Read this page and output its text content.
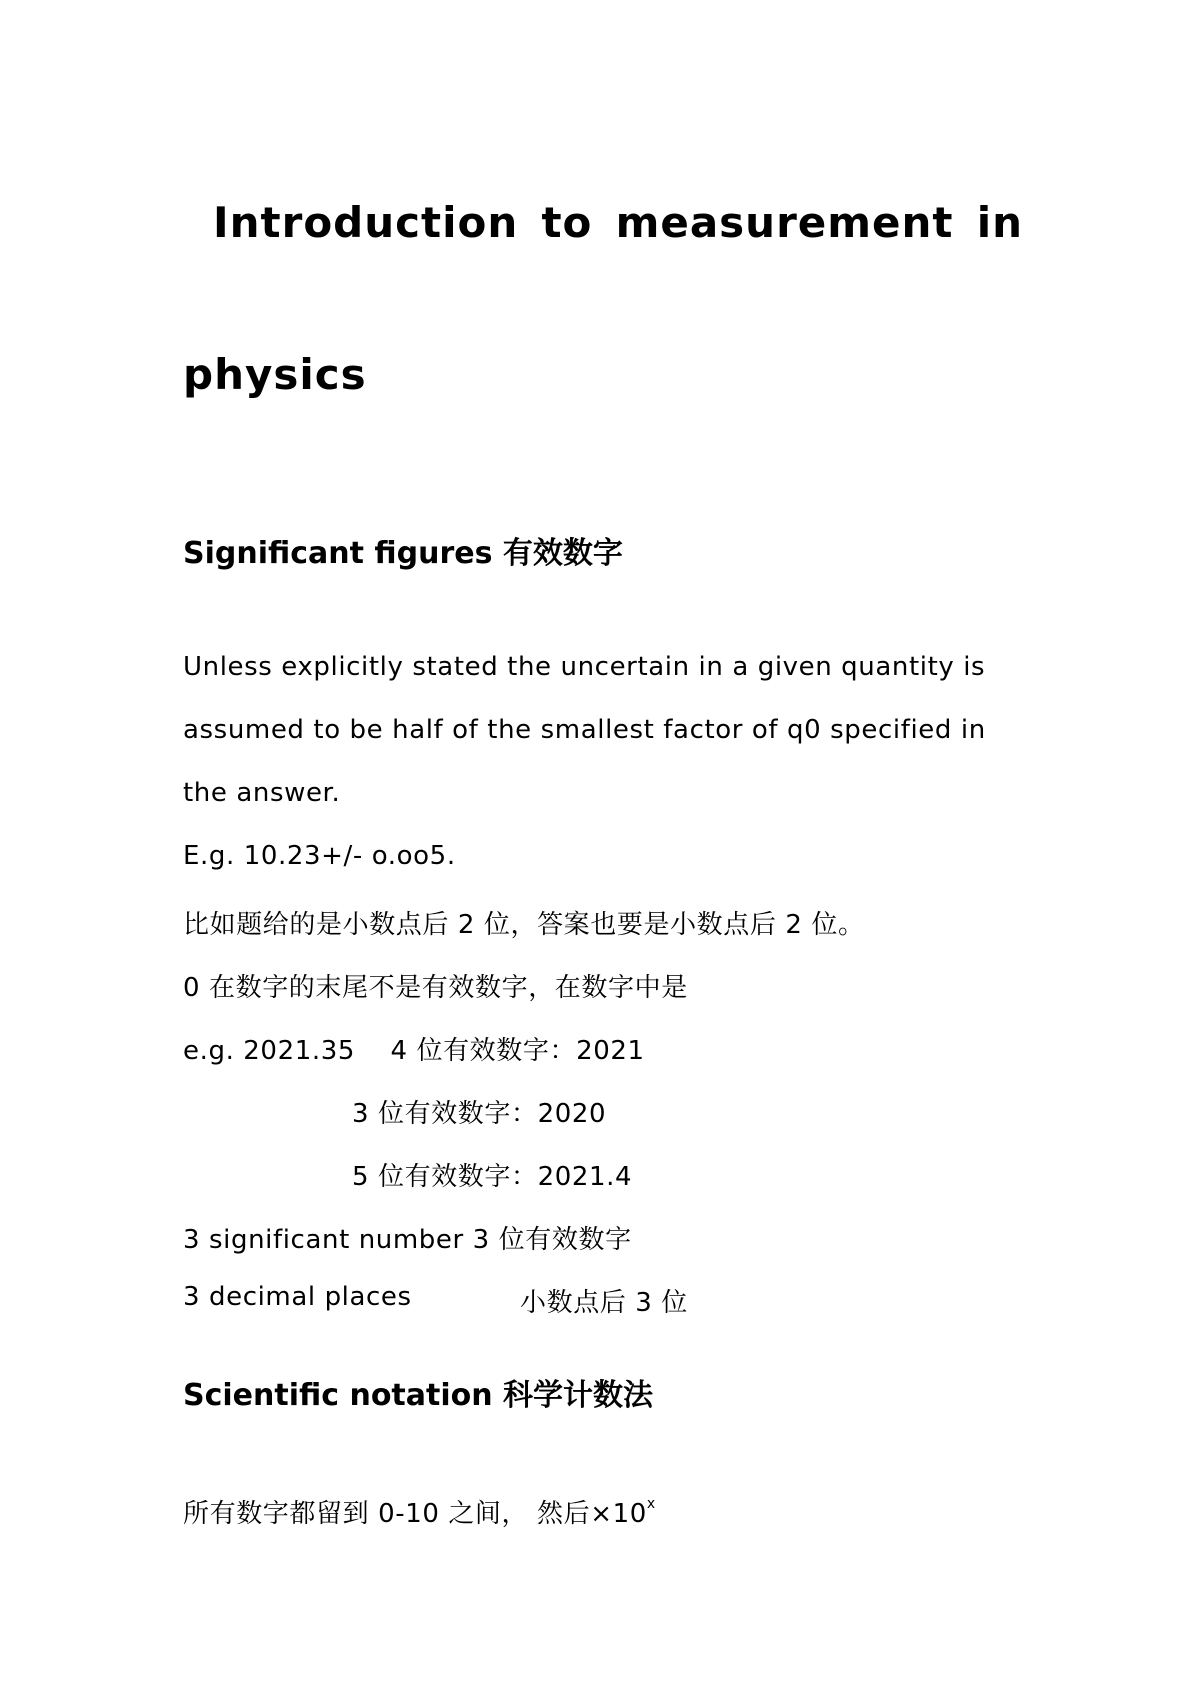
Introduction to measurement in
physics
Significant figures 有效数字
Unless explicitly stated the uncertain in a given quantity is
assumed to be half of the smallest factor of q0 specified in
the answer.
E.g. 10.23+/- o.oo5.
比如题给的是小数点后 2 位，答案也要是小数点后 2 位。
0 在数字的末尾不是有效数字，在数字中是
e.g. 2021.35    4 位有效数字：2021
3 位有效数字：2020
5 位有效数字：2021.4
3 significant number 3 位有效数字
3 decimal places	小数点后 3 位
Scientific notation 科学计数法
所有数字都留到 0-10 之间， 然后$\times 10^x$
